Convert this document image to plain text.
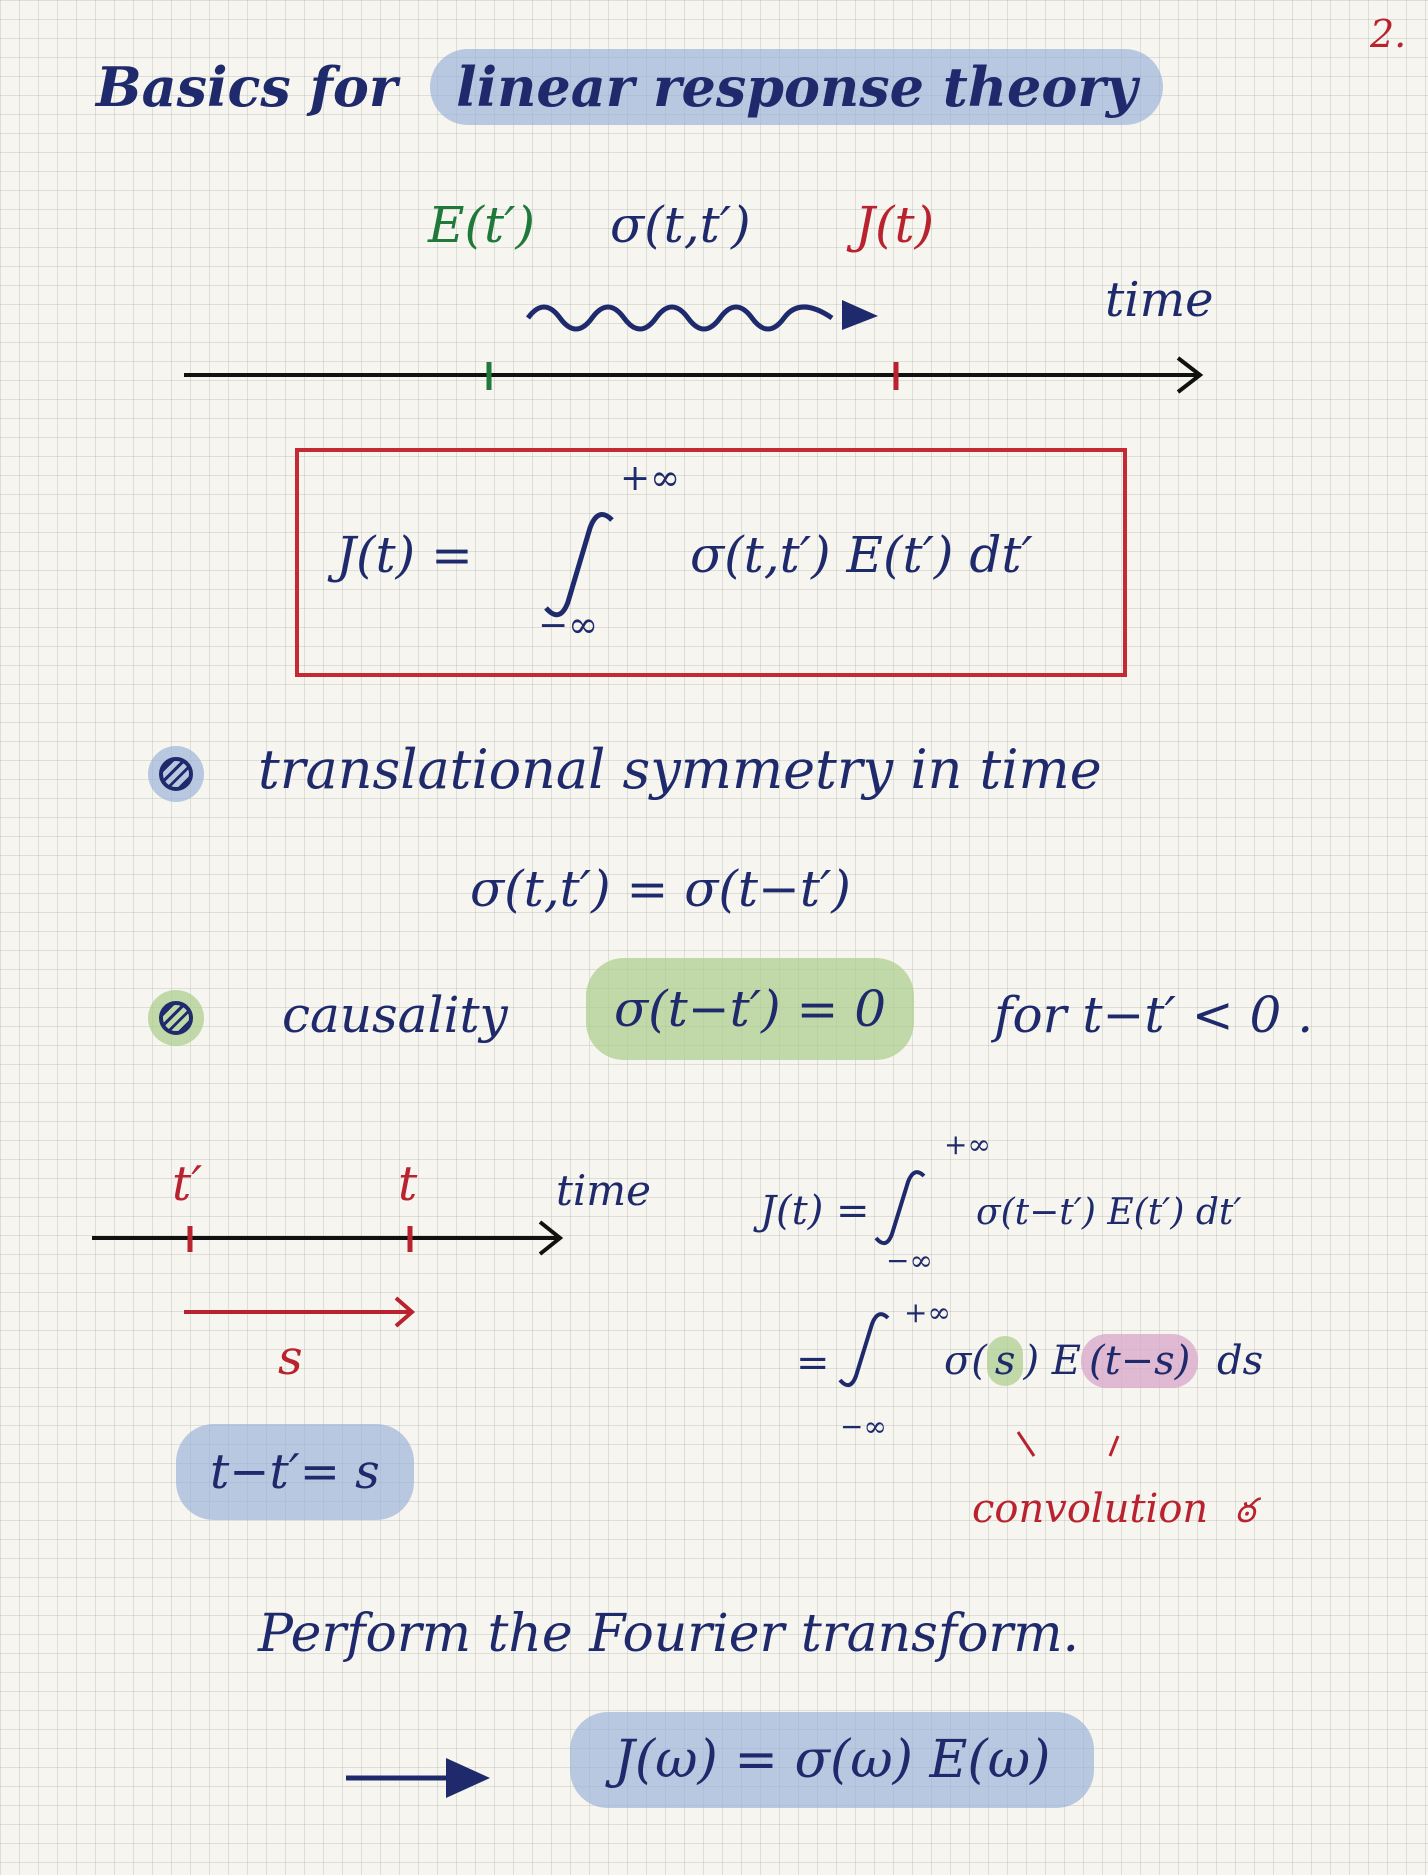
2.
Basics for linear response theory
E(t′) σ(t,t′) J(t)
time
J(t) =
+∞
−∞
σ(t,t′) E(t′) dt′
translational symmetry in time
σ(t,t′) = σ(t−t′)
causality	σ(t−t′) = 0	for t−t′ < 0 .
t′	t	time
s
t−t′= s
J(t) =
+∞
−∞
σ(t−t′) E(t′) dt′
=
+∞
−∞
σ( s ) E (t−s) ds
convolution ఠ
Perform the Fourier transform.
J(ω) = σ(ω) E(ω)
